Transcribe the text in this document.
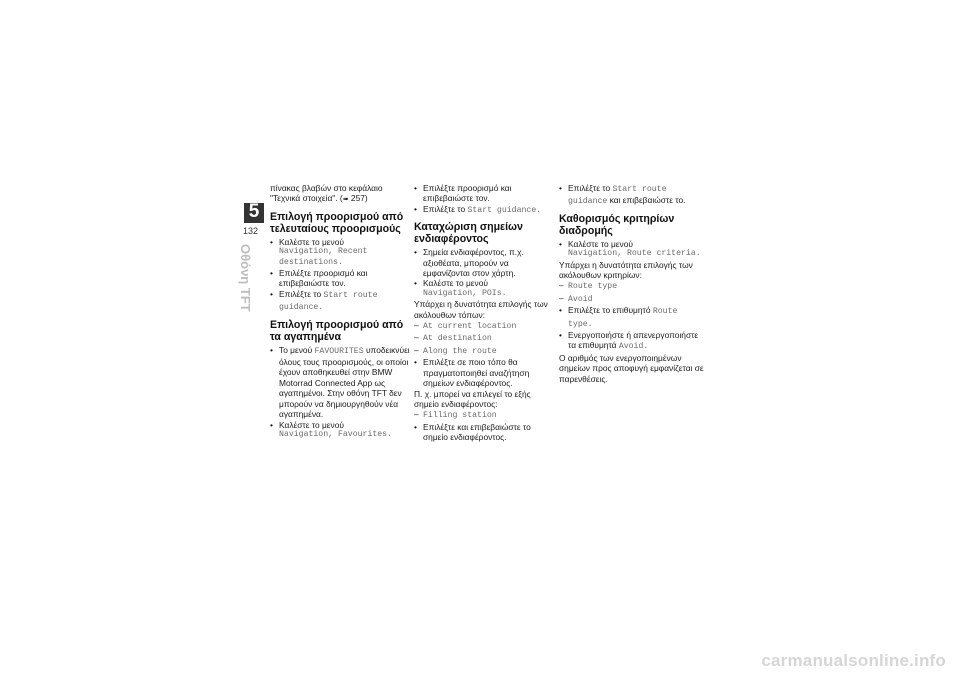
5
132
Οθόνη TFT

πίνακας βλαβών στο κεφάλαιο
"Τεχνικά στοιχεία". (➠ 257)

Επιλογή προορισμού από τελευταίους προορισμούς

• Καλέστε το μενού
Navigation, Recent destinations.

• Επιλέξτε προορισμό και επιβεβαιώστε τον.

• Επιλέξτε το Start route guidance.

Επιλογή προορισμού από τα αγαπημένα

• Το μενού FAVOURITES υποδεικνύει όλους τους προορισμούς, οι οποίοι έχουν αποθηκευθεί στην BMW Motorrad Connected App ως αγαπημένοι. Στην οθόνη TFT δεν μπορούν να δημιουργηθούν νέα αγαπημένα.

• Καλέστε το μενού
Navigation, Favourites.

• Επιλέξτε προορισμό και επιβεβαιώστε τον.

• Επιλέξτε το Start guidance.

Καταχώριση σημείων ενδιαφέροντος

• Σημεία ενδιαφέροντος, π.χ. αξιοθέατα, μπορούν να εμφανίζονται στον χάρτη.

• Καλέστε το μενού
Navigation, POIs.

Υπάρχει η δυνατότητα επιλογής των ακόλουθων τόπων:

– At current location

– At destination

– Along the route

• Επιλέξτε σε ποιο τόπο θα πραγματοποιηθεί αναζήτηση σημείων ενδιαφέροντος.

Π. χ. μπορεί να επιλεγεί το εξής σημείο ενδιαφέροντος:

– Filling station

• Επιλέξτε και επιβεβαιώστε το σημείο ενδιαφέροντος.

• Επιλέξτε το Start route guidance και επιβεβαιώστε το.

Καθορισμός κριτηρίων διαδρομής

• Καλέστε το μενού
Navigation, Route criteria.

Υπάρχει η δυνατότητα επιλογής των ακόλουθων κριτηρίων:

– Route type

– Avoid

• Επιλέξτε το επιθυμητό Route type.

• Ενεργοποιήστε ή απενεργοποιήστε τα επιθυμητά Avoid.

Ο αριθμός των ενεργοποιημένων σημείων προς αποφυγή εμφανίζεται σε παρενθέσεις.

carmanualsonline.info
